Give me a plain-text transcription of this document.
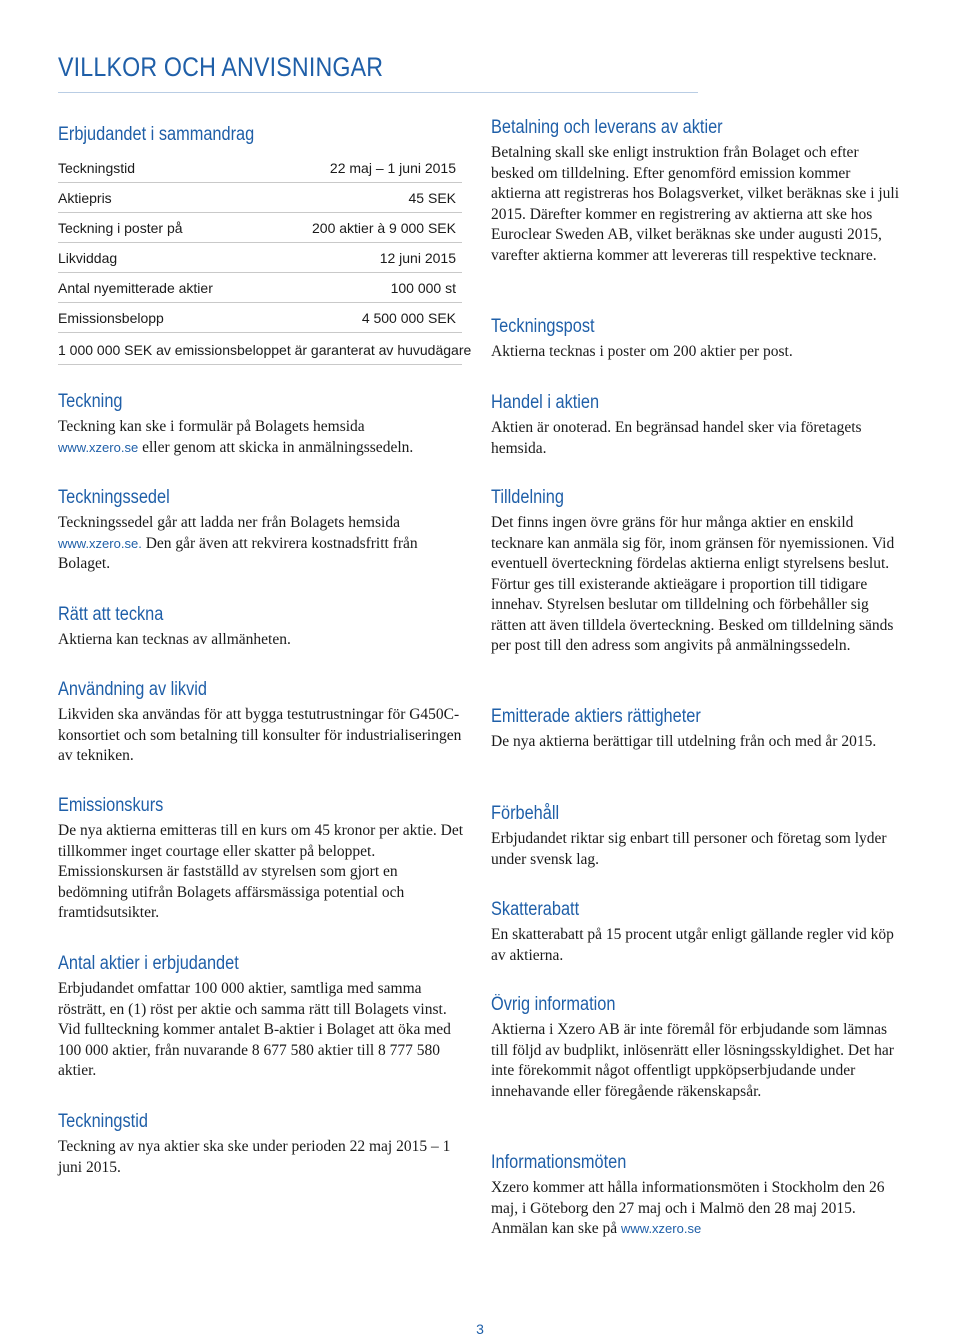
VILLKOR OCH ANVISNINGAR
Erbjudandet i sammandrag
Teckningstid	22 maj – 1 juni 2015
Aktiepris	45 SEK
Teckning i poster på	200 aktier à 9 000 SEK
Likviddag	12 juni 2015
Antal nyemitterade aktier	100 000 st
Emissionsbelopp	4 500 000 SEK
1 000 000 SEK av emissionsbeloppet är garanterat av huvudägare
Teckning
Teckning kan ske i formulär på Bolagets hemsida
www.xzero.se eller genom att skicka in anmälningssedeln.
Teckningssedel
Teckningssedel går att ladda ner från Bolagets hemsida
www.xzero.se. Den går även att rekvirera kostnadsfritt från Bolaget.
Rätt att teckna
Aktierna kan tecknas av allmänheten.
Användning av likvid
Likviden ska användas för att bygga testutrustningar för G450C-konsortiet och som betalning till konsulter för industrialiseringen av tekniken.
Emissionskurs
De nya aktierna emitteras till en kurs om 45 kronor per aktie. Det tillkommer inget courtage eller skatter på beloppet. Emissionskursen är fastställd av styrelsen som gjort en bedömning utifrån Bolagets affärsmässiga potential och framtidsutsikter.
Antal aktier i erbjudandet
Erbjudandet omfattar 100 000 aktier, samtliga med samma rösträtt, en (1) röst per aktie och samma rätt till Bolagets vinst. Vid fullteckning kommer antalet B-aktier i Bolaget att öka med 100 000 aktier, från nuvarande 8 677 580 aktier till 8 777 580 aktier.
Teckningstid
Teckning av nya aktier ska ske under perioden 22 maj 2015 – 1 juni 2015.
Betalning och leverans av aktier
Betalning skall ske enligt instruktion från Bolaget och efter besked om tilldelning. Efter genomförd emission kommer aktierna att registreras hos Bolagsverket, vilket beräknas ske i juli 2015. Därefter kommer en registrering av aktierna att ske hos Euroclear Sweden AB, vilket beräknas ske under augusti 2015, varefter aktierna kommer att levereras till respektive tecknare.
Teckningspost
Aktierna tecknas i poster om 200 aktier per post.
Handel i aktien
Aktien är onoterad. En begränsad handel sker via företagets hemsida.
Tilldelning
Det finns ingen övre gräns för hur många aktier en enskild tecknare kan anmäla sig för, inom gränsen för nyemissionen. Vid eventuell överteckning fördelas aktierna enligt styrelsens beslut. Förtur ges till existerande aktieägare i proportion till tidigare innehav. Styrelsen beslutar om tilldelning och förbehåller sig rätten att även tilldela överteckning. Besked om tilldelning sänds per post till den adress som angivits på anmälningssedeln.
Emitterade aktiers rättigheter
De nya aktierna berättigar till utdelning från och med år 2015.
Förbehåll
Erbjudandet riktar sig enbart till personer och företag som lyder under svensk lag.
Skatterabatt
En skatterabatt på 15 procent utgår enligt gällande regler vid köp av aktierna.
Övrig information
Aktierna i Xzero AB är inte föremål för erbjudande som lämnas till följd av budplikt, inlösenrätt eller lösningsskyldighet. Det har inte förekommit något offentligt uppköpserbjudande under innehavande eller föregående räkenskapsår.
Informationsmöten
Xzero kommer att hålla informationsmöten i Stockholm den 26 maj, i Göteborg den 27 maj och i Malmö den 28 maj 2015. Anmälan kan ske på www.xzero.se
3
